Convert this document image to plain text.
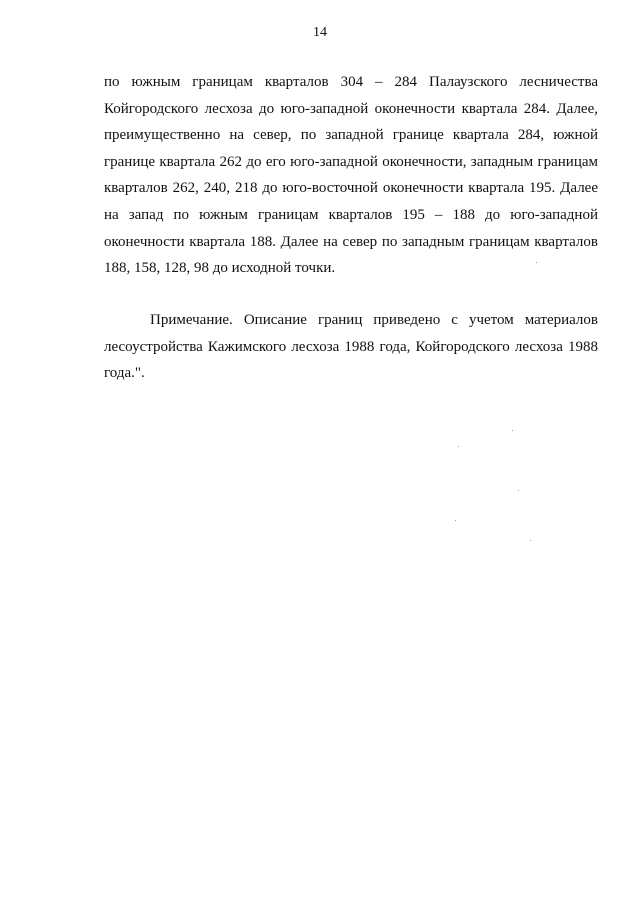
14

по южным границам кварталов 304 – 284 Палаузского лесничества Койгородского лесхоза до юго-западной оконечности квартала 284. Далее, преимущественно на север, по западной границе квартала 284, южной границе квартала 262 до его юго-западной оконечности, западным границам кварталов 262, 240, 218 до юго-восточной оконечности квартала 195. Далее на запад по южным границам кварталов 195 – 188 до юго-западной оконечности квартала 188. Далее на север по западным границам кварталов 188, 158, 128, 98 до исходной точки.

Примечание. Описание границ приведено с учетом материалов лесоустройства Кажимского лесхоза 1988 года, Койгородского лесхоза 1988 года.".
